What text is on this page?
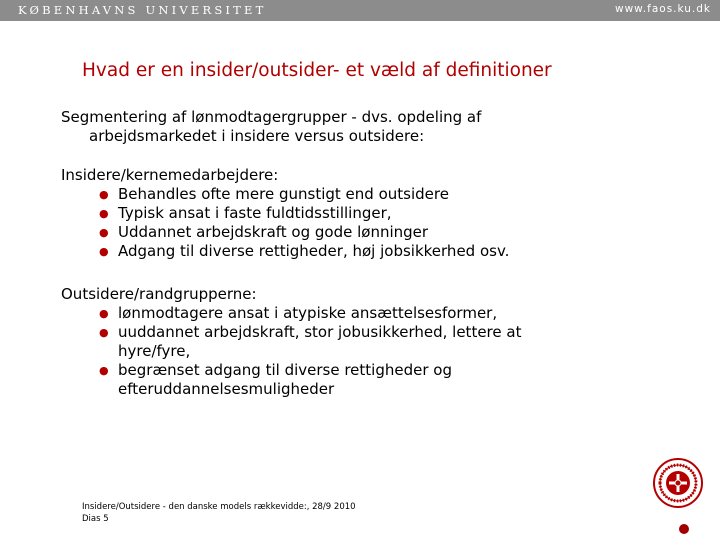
KØBENHAVNS UNIVERSITET	www.faos.ku.dk
Hvad er en insider/outsider- et væld af definitioner

Segmentering af lønmodtagergrupper - dvs. opdeling af
arbejdsmarkedet i insidere versus outsidere:

Insidere/kernemedarbejdere:

● Behandles ofte mere gunstigt end outsidere
● Typisk ansat i faste fuldtidsstillinger,
● Uddannet arbejdskraft og gode lønninger
● Adgang til diverse rettigheder, høj jobsikkerhed osv.

Outsidere/randgrupperne:

● lønmodtagere ansat i atypiske ansættelsesformer,
● uuddannet arbejdskraft, stor jobusikkerhed, lettere at hyre/fyre,
● begrænset adgang til diverse rettigheder og efteruddannelsesmuligheder
Insidere/Outsidere - den danske models rækkevidde:, 28/9 2010
Dias 5
